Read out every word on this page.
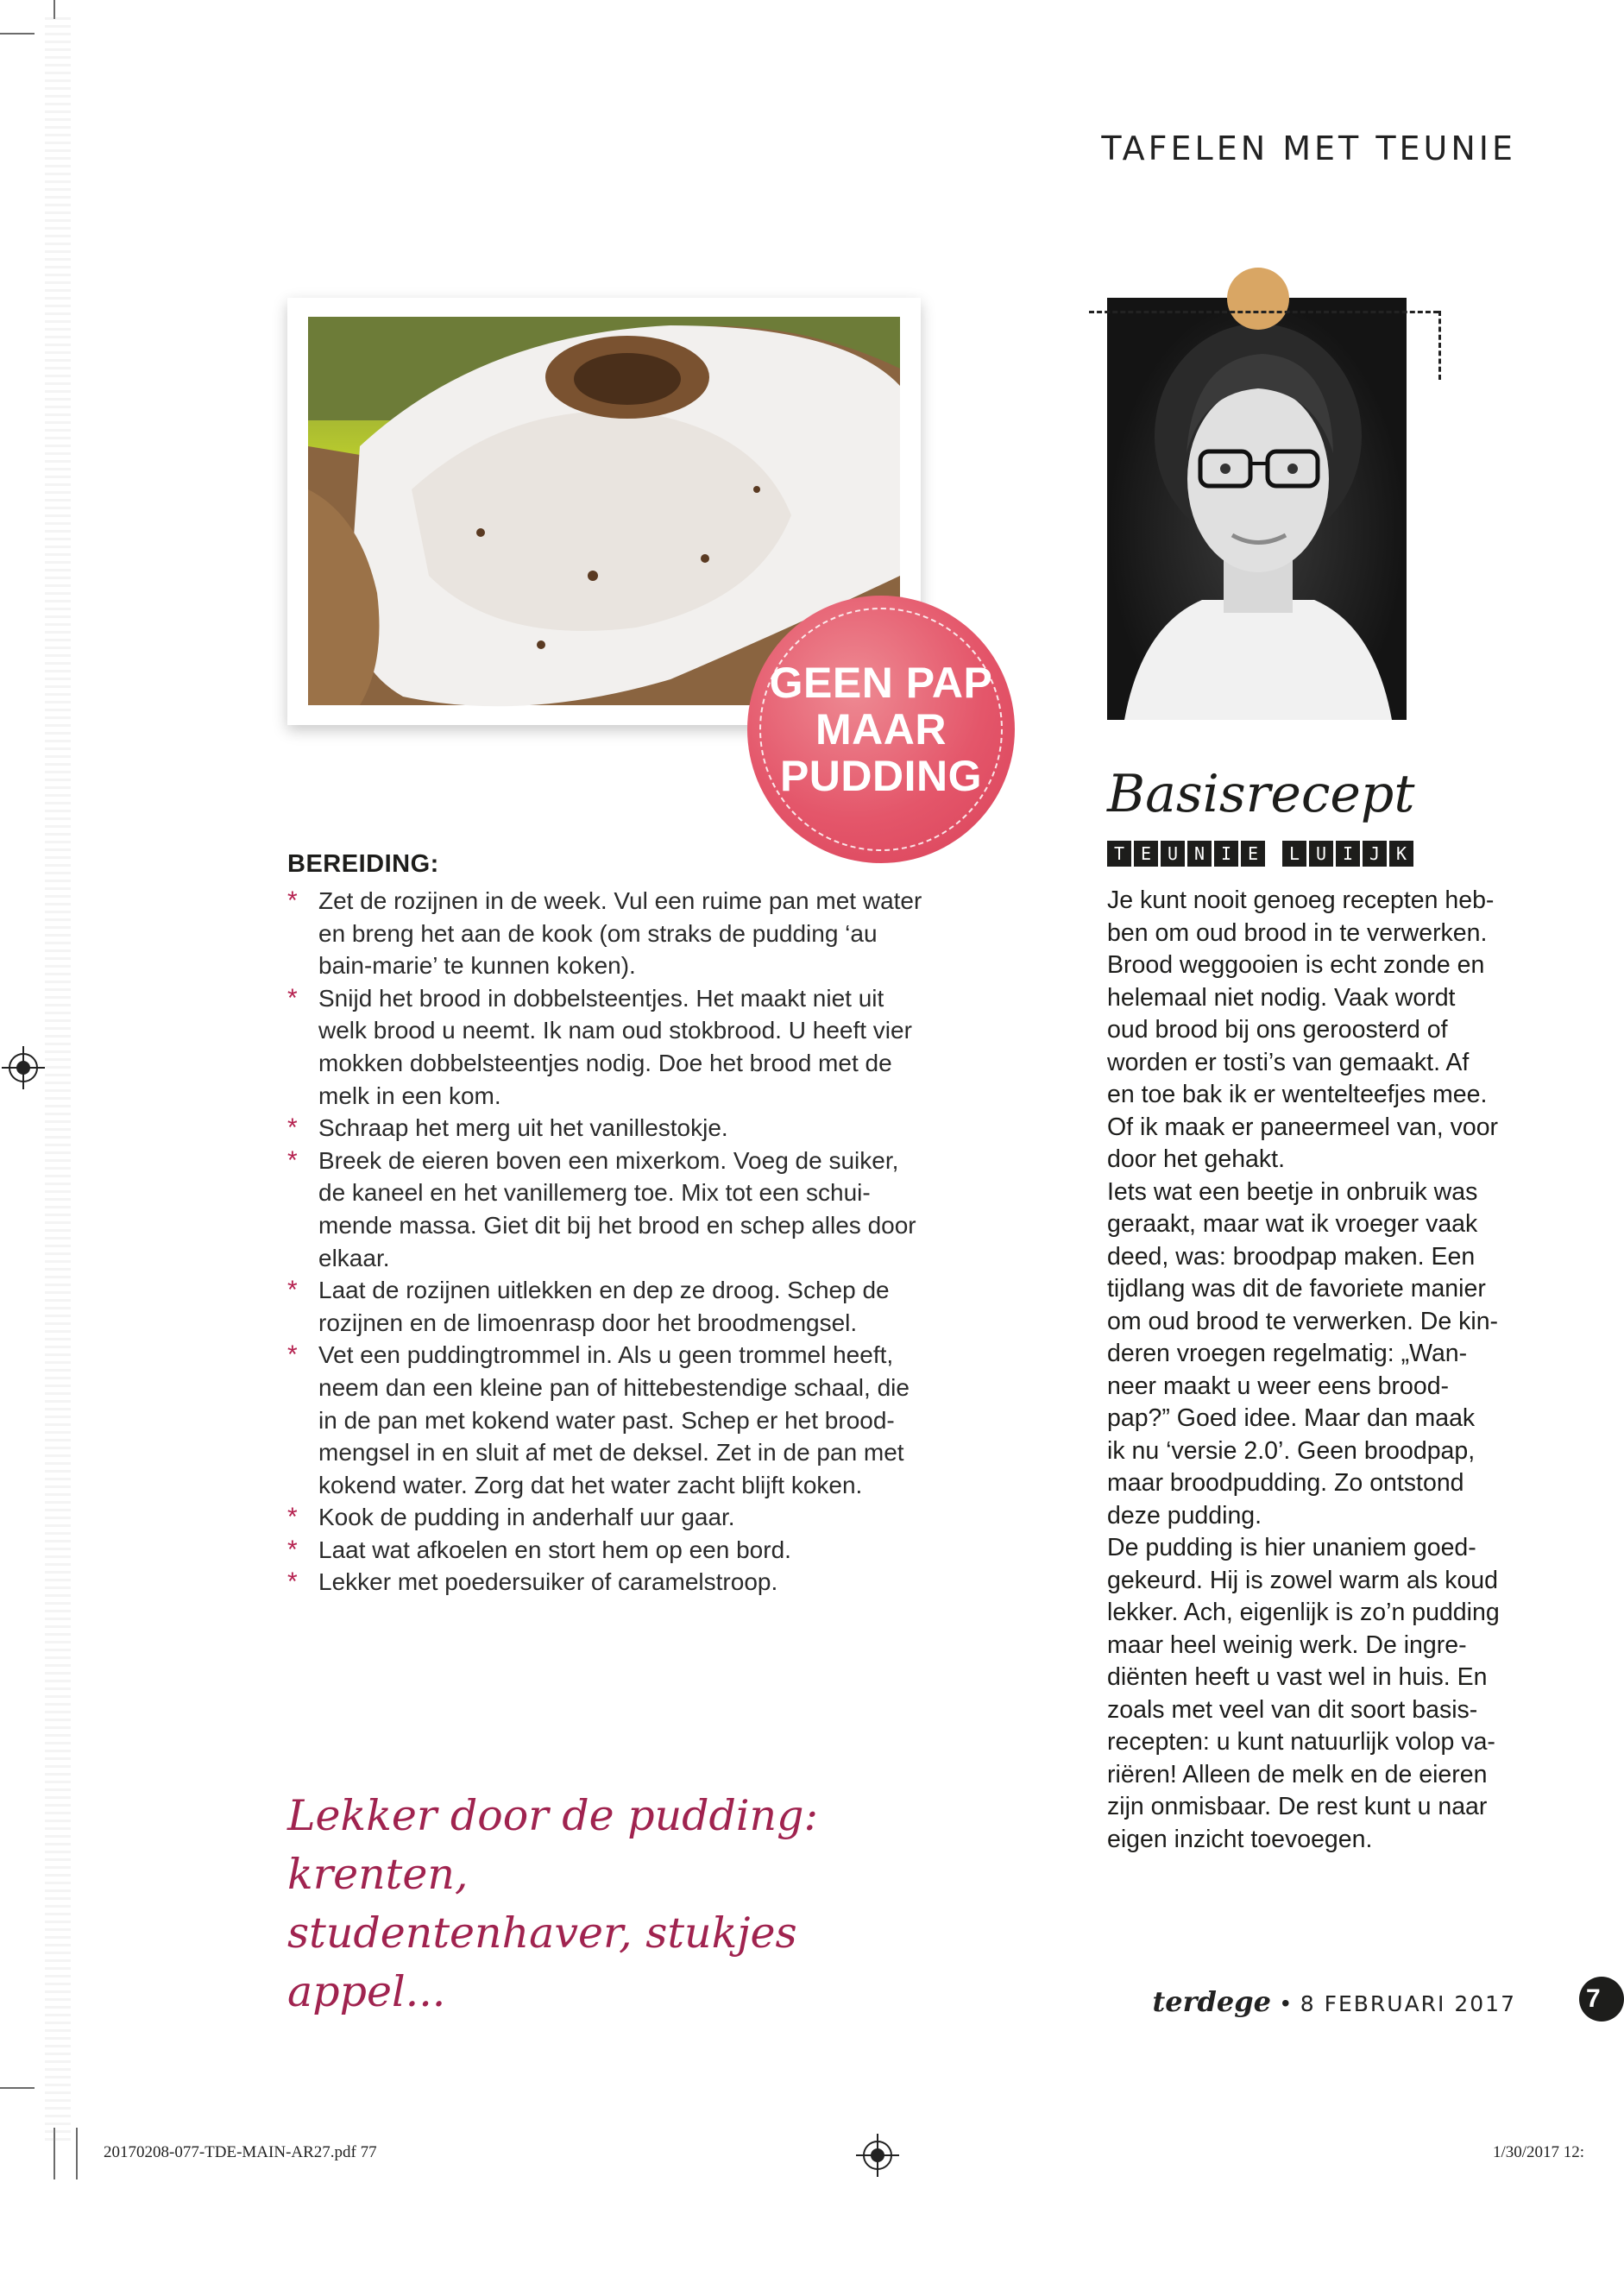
TAFELEN MET TEUNIE
GEEN PAP
MAAR
PUDDING Basisrecept
T E U N I E	L U I J K

Je kunt nooit genoeg recepten heb-

ben om oud brood in te verwerken.

Brood weggooien is echt zonde en

helemaal niet nodig. Vaak wordt

oud brood bij ons geroosterd of

worden er tosti’s van gemaakt. Af

en toe bak ik er wentelteefjes mee.

Of ik maak er paneermeel van, voor

door het gehakt.

Iets wat een beetje in onbruik was

geraakt, maar wat ik vroeger vaak

deed, was: broodpap maken. Een

tijdlang was dit de favoriete manier

om oud brood te verwerken. De kin-

deren vroegen regelmatig: „Wan-

neer maakt u weer eens brood-

pap?” Goed idee. Maar dan maak

ik nu ‘versie 2.0’. Geen broodpap,

maar broodpudding. Zo ontstond

deze pudding.

De pudding is hier unaniem goed-

gekeurd. Hij is zowel warm als koud

lekker. Ach, eigenlijk is zo’n pudding

maar heel weinig werk. De ingre-

diënten heeft u vast wel in huis. En

zoals met veel van dit soort basis-

recepten: u kunt natuurlijk volop va-

riëren! Alleen de melk en de eieren

zijn onmisbaar. De rest kunt u naar

eigen inzicht toevoegen.

BEREIDING:
* Zet de rozijnen in de week. Vul een ruime pan met water
en breng het aan de kook (om straks de pudding ‘au
bain-marie’ te kunnen koken).
* Snijd het brood in dobbelsteentjes. Het maakt niet uit
welk brood u neemt. Ik nam oud stokbrood. U heeft vier
mokken dobbelsteentjes nodig. Doe het brood met de
melk in een kom.
* Schraap het merg uit het vanillestokje.
* Breek de eieren boven een mixerkom. Voeg de suiker,
de kaneel en het vanillemerg toe. Mix tot een schui-
mende massa. Giet dit bij het brood en schep alles door
elkaar.
* Laat de rozijnen uitlekken en dep ze droog. Schep de
rozijnen en de limoenrasp door het broodmengsel.
* Vet een puddingtrommel in. Als u geen trommel heeft,
neem dan een kleine pan of hittebestendige schaal, die
in de pan met kokend water past. Schep er het brood-
mengsel in en sluit af met de deksel. Zet in de pan met
kokend water. Zorg dat het water zacht blijft koken.
* Kook de pudding in anderhalf uur gaar.
* Laat wat afkoelen en stort hem op een bord.
* Lekker met poedersuiker of caramelstroop.
Lekker door de pudding: krenten,
studentenhaver, stukjes appel...	terdege • 8 FEBRUARI 2017	7
20170208-077-TDE-MAIN-AR27.pdf 77	1/30/2017 12:
